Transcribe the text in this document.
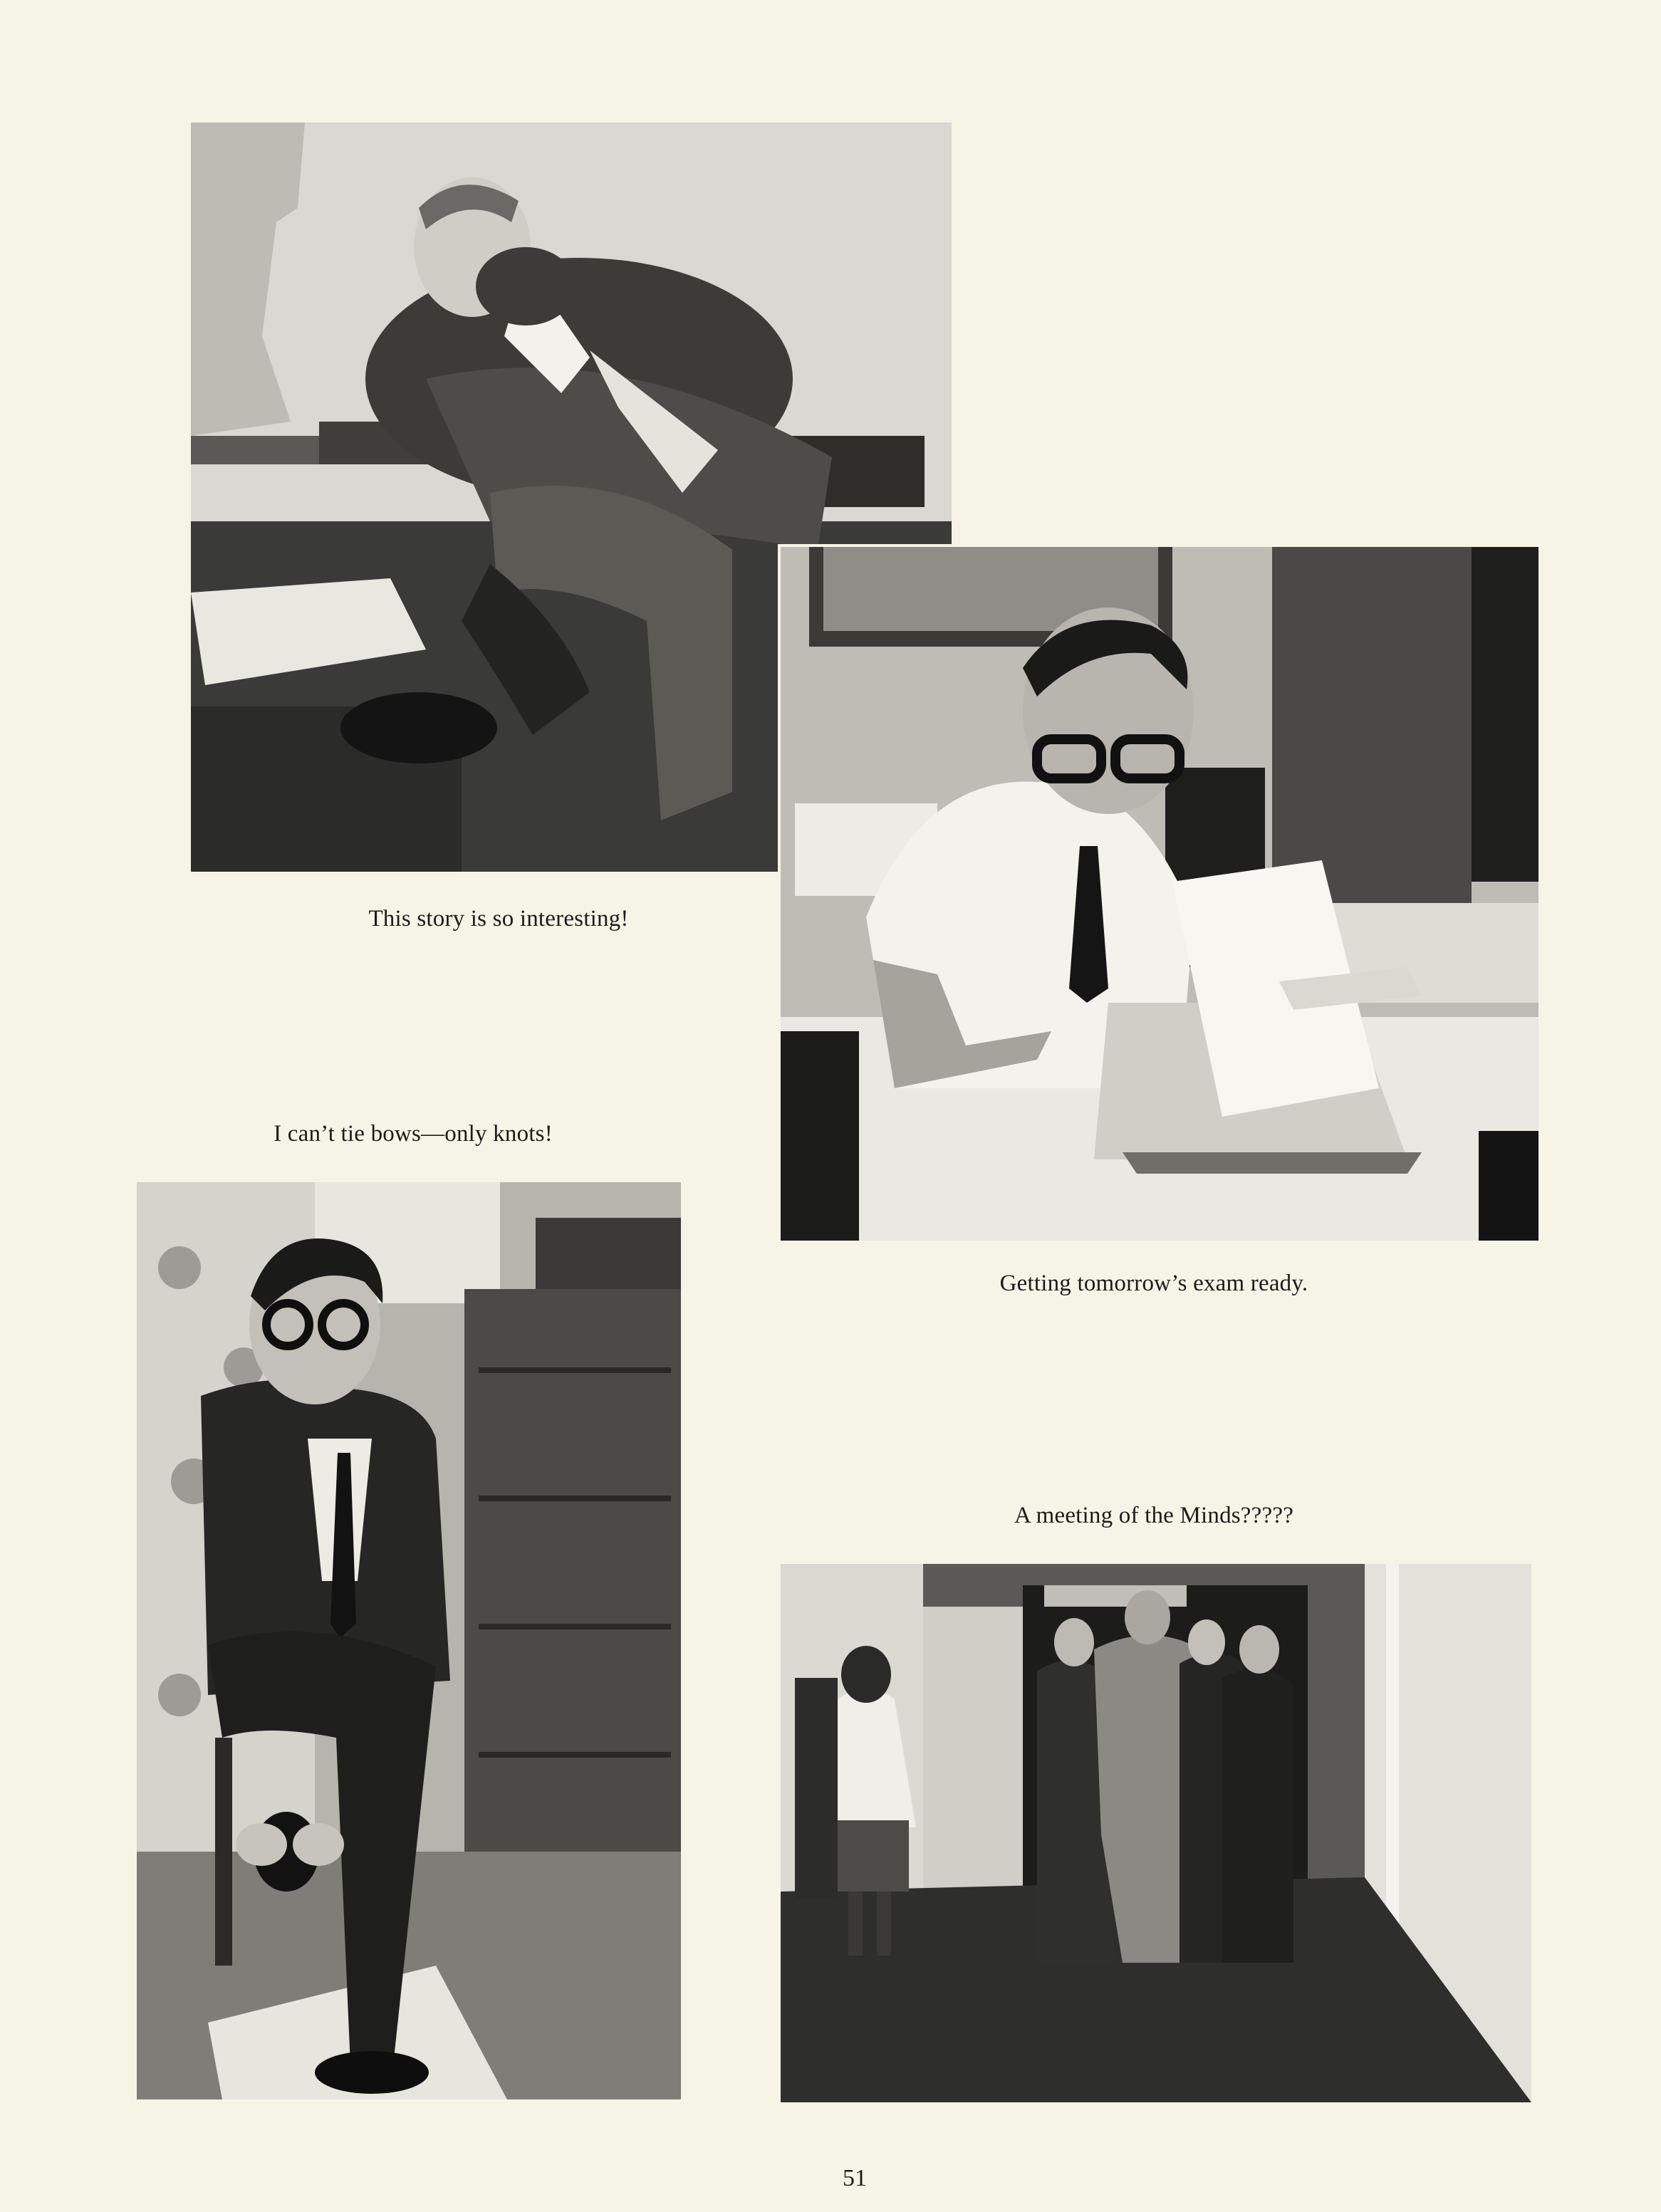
This story is so interesting!
I can’t tie bows—only knots!
Getting tomorrow’s exam ready.
A meeting of the Minds?????
51
